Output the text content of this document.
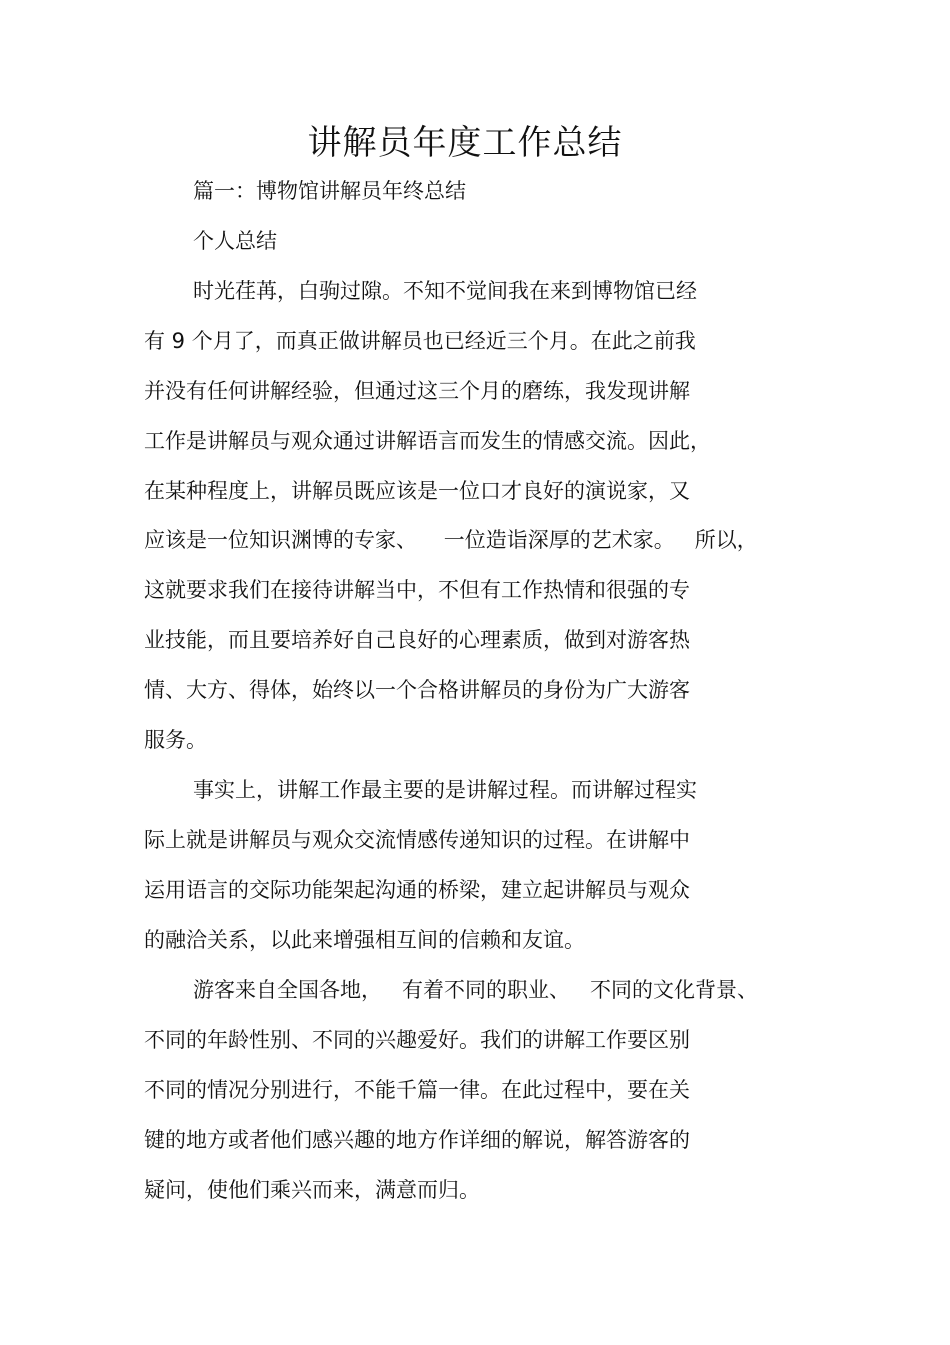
讲解员年度工作总结
篇一：博物馆讲解员年终总结
个人总结
时光荏苒，白驹过隙。不知不觉间我在来到博物馆已经
有 9 个月了，而真正做讲解员也已经近三个月。在此之前我
并没有任何讲解经验，但通过这三个月的磨练，我发现讲解
工作是讲解员与观众通过讲解语言而发生的情感交流。因此，
在某种程度上，讲解员既应该是一位口才良好的演说家，又
应该是一位知识渊博的专家、    一位造诣深厚的艺术家。   所以，
这就要求我们在接待讲解当中，不但有工作热情和很强的专
业技能，而且要培养好自己良好的心理素质，做到对游客热
情、大方、得体，始终以一个合格讲解员的身份为广大游客
服务。
事实上，讲解工作最主要的是讲解过程。而讲解过程实
际上就是讲解员与观众交流情感传递知识的过程。在讲解中
运用语言的交际功能架起沟通的桥梁，建立起讲解员与观众
的融洽关系，以此来增强相互间的信赖和友谊。
游客来自全国各地，   有着不同的职业、   不同的文化背景、
不同的年龄性别、不同的兴趣爱好。我们的讲解工作要区别
不同的情况分别进行，不能千篇一律。在此过程中，要在关
键的地方或者他们感兴趣的地方作详细的解说，解答游客的
疑问，使他们乘兴而来，满意而归。
